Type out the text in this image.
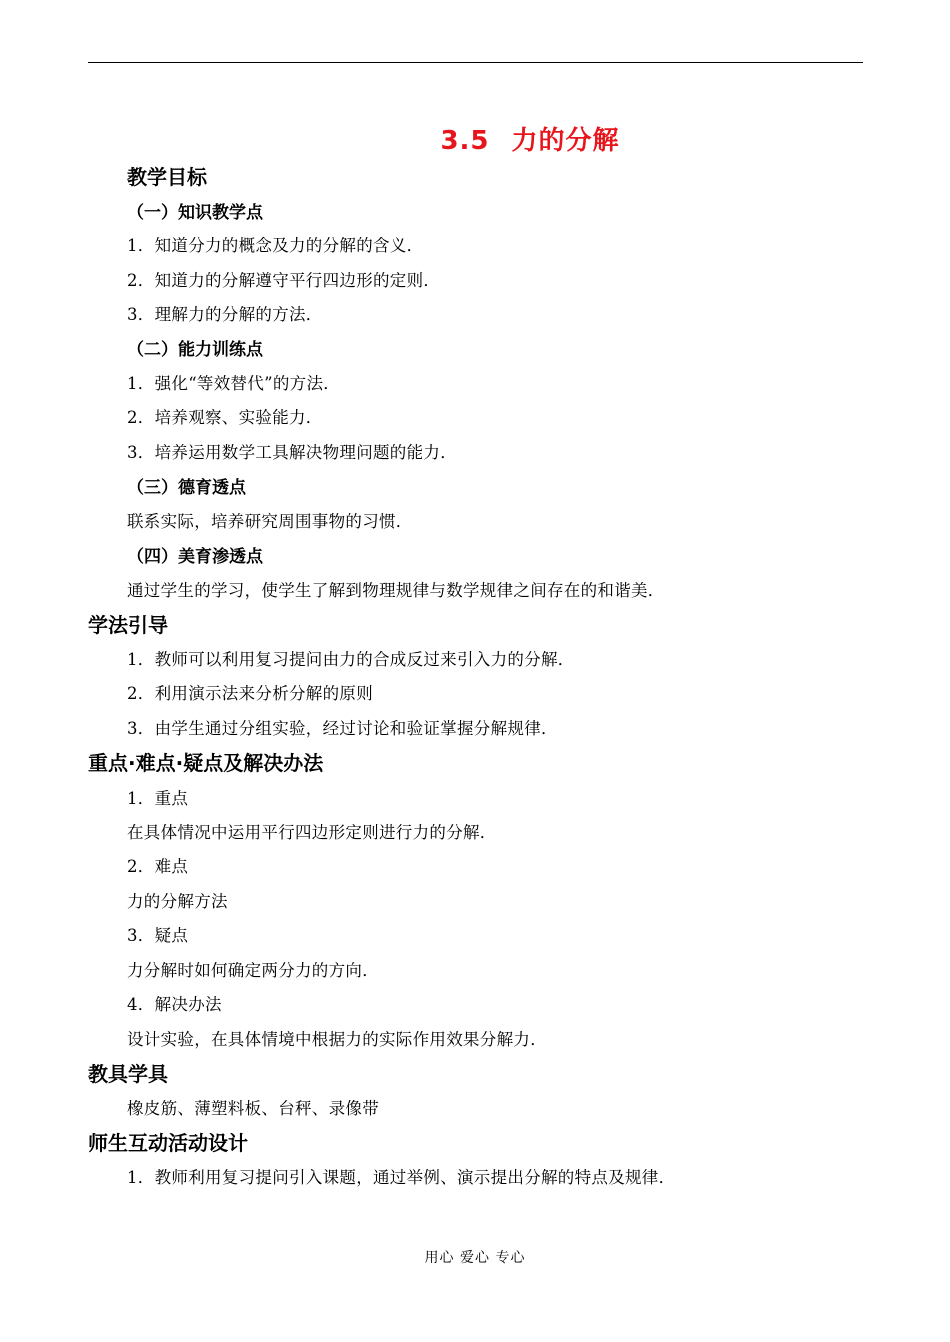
3.5 力的分解
教学目标
（一）知识教学点
1．知道分力的概念及力的分解的含义．
2．知道力的分解遵守平行四边形的定则．
3．理解力的分解的方法．
（二）能力训练点
1．强化“等效替代”的方法．
2．培养观察、实验能力．
3．培养运用数学工具解决物理问题的能力．
（三）德育透点
联系实际，培养研究周围事物的习惯．
（四）美育渗透点
通过学生的学习，使学生了解到物理规律与数学规律之间存在的和谐美．
学法引导
1．教师可以利用复习提问由力的合成反过来引入力的分解．
2．利用演示法来分析分解的原则
3．由学生通过分组实验，经过讨论和验证掌握分解规律．
重点·难点·疑点及解决办法
1．重点
在具体情况中运用平行四边形定则进行力的分解．
2．难点
力的分解方法
3．疑点
力分解时如何确定两分力的方向．
4．解决办法
设计实验，在具体情境中根据力的实际作用效果分解力．
教具学具
橡皮筋、薄塑料板、台秤、录像带
师生互动活动设计
1．教师利用复习提问引入课题，通过举例、演示提出分解的特点及规律．
用心 爱心 专心
